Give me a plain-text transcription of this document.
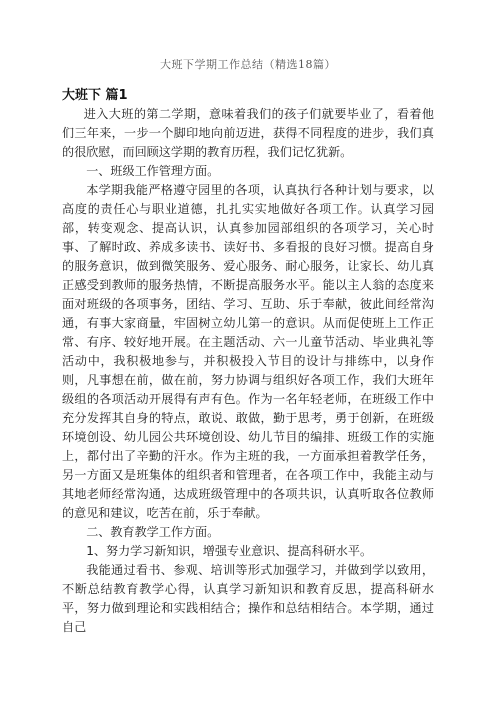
大班下学期工作总结（精选18篇）
大班下 篇1

进入大班的第二学期，意味着我们的孩子们就要毕业了，看着他们三年来，一步一个脚印地向前迈进，获得不同程度的进步，我们真的很欣慰，而回顾这学期的教育历程，我们记忆犹新。

一、班级工作管理方面。

本学期我能严格遵守园里的各项，认真执行各种计划与要求，以高度的责任心与职业道德，扎扎实实地做好各项工作。认真学习园部，转变观念、提高认识，认真参加园部组织的各项学习，关心时事、了解时政、养成多读书、读好书、多看报的良好习惯。提高自身的服务意识，做到微笑服务、爱心服务、耐心服务，让家长、幼儿真正感受到教师的服务热情，不断提高服务水平。能以主人翁的态度来面对班级的各项事务，团结、学习、互助、乐于奉献，彼此间经常沟通，有事大家商量，牢固树立幼儿第一的意识。从而促使班上工作正常、有序、较好地开展。在主题活动、六一儿童节活动、毕业典礼等活动中，我积极地参与，并积极投入节目的设计与排练中，以身作则，凡事想在前，做在前，努力协调与组织好各项工作，我们大班年级组的各项活动开展得有声有色。作为一名年轻老师，在班级工作中充分发挥其自身的特点，敢说、敢做，勤于思考，勇于创新，在班级环境创设、幼儿园公共环境创设、幼儿节目的编排、班级工作的实施上，都付出了辛勤的汗水。作为主班的我，一方面承担着教学任务，另一方面又是班集体的组织者和管理者，在各项工作中，我能主动与其地老师经常沟通，达成班级管理中的各项共识，认真听取各位教师的意见和建议，吃苦在前，乐于奉献。

二、教育教学工作方面。

1、努力学习新知识，增强专业意识、提高科研水平。

我能通过看书、参观、培训等形式加强学习，并做到学以致用，不断总结教育教学心得，认真学习新知识和教育反思，提高科研水平，努力做到理论和实践相结合；操作和总结相结合。本学期，通过自己
